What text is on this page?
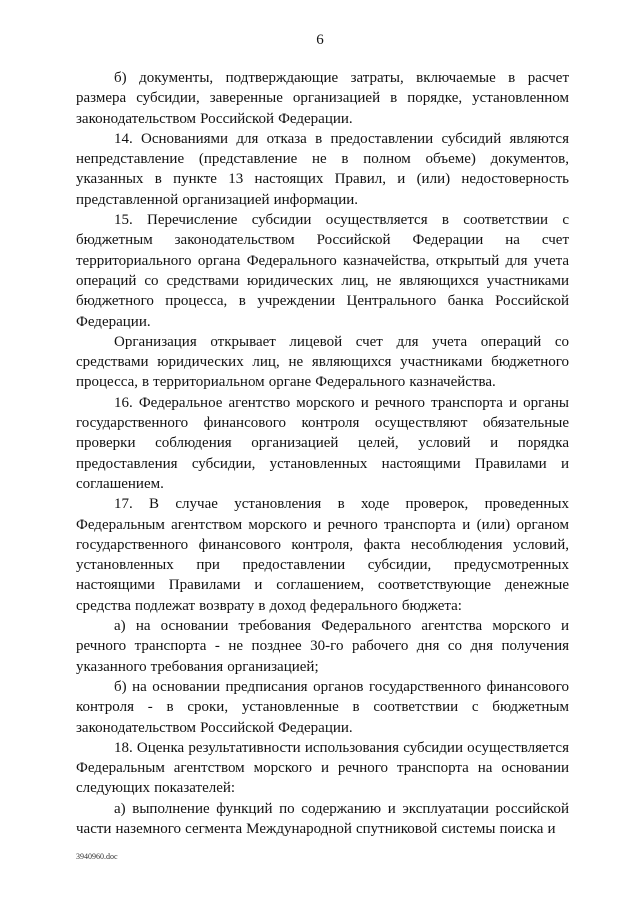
6

б) документы, подтверждающие затраты, включаемые в расчет размера субсидии, заверенные организацией в порядке, установленном законодательством Российской Федерации.

14. Основаниями для отказа в предоставлении субсидий являются непредставление (представление не в полном объеме) документов, указанных в пункте 13 настоящих Правил, и (или) недостоверность представленной организацией информации.

15. Перечисление субсидии осуществляется в соответствии с бюджетным законодательством Российской Федерации на счет территориального органа Федерального казначейства, открытый для учета операций со средствами юридических лиц, не являющихся участниками бюджетного процесса, в учреждении Центрального банка Российской Федерации.

Организация открывает лицевой счет для учета операций со средствами юридических лиц, не являющихся участниками бюджетного процесса, в территориальном органе Федерального казначейства.

16. Федеральное агентство морского и речного транспорта и органы государственного финансового контроля осуществляют обязательные проверки соблюдения организацией целей, условий и порядка предоставления субсидии, установленных настоящими Правилами и соглашением.

17. В случае установления в ходе проверок, проведенных Федеральным агентством морского и речного транспорта и (или) органом государственного финансового контроля, факта несоблюдения условий, установленных при предоставлении субсидии, предусмотренных настоящими Правилами и соглашением, соответствующие денежные средства подлежат возврату в доход федерального бюджета:

а) на основании требования Федерального агентства морского и речного транспорта - не позднее 30-го рабочего дня со дня получения указанного требования организацией;

б) на основании предписания органов государственного финансового контроля - в сроки, установленные в соответствии с бюджетным законодательством Российской Федерации.

18. Оценка результативности использования субсидии осуществляется Федеральным агентством морского и речного транспорта на основании следующих показателей:

а) выполнение функций по содержанию и эксплуатации российской части наземного сегмента Международной спутниковой системы поиска и

3940960.doc
